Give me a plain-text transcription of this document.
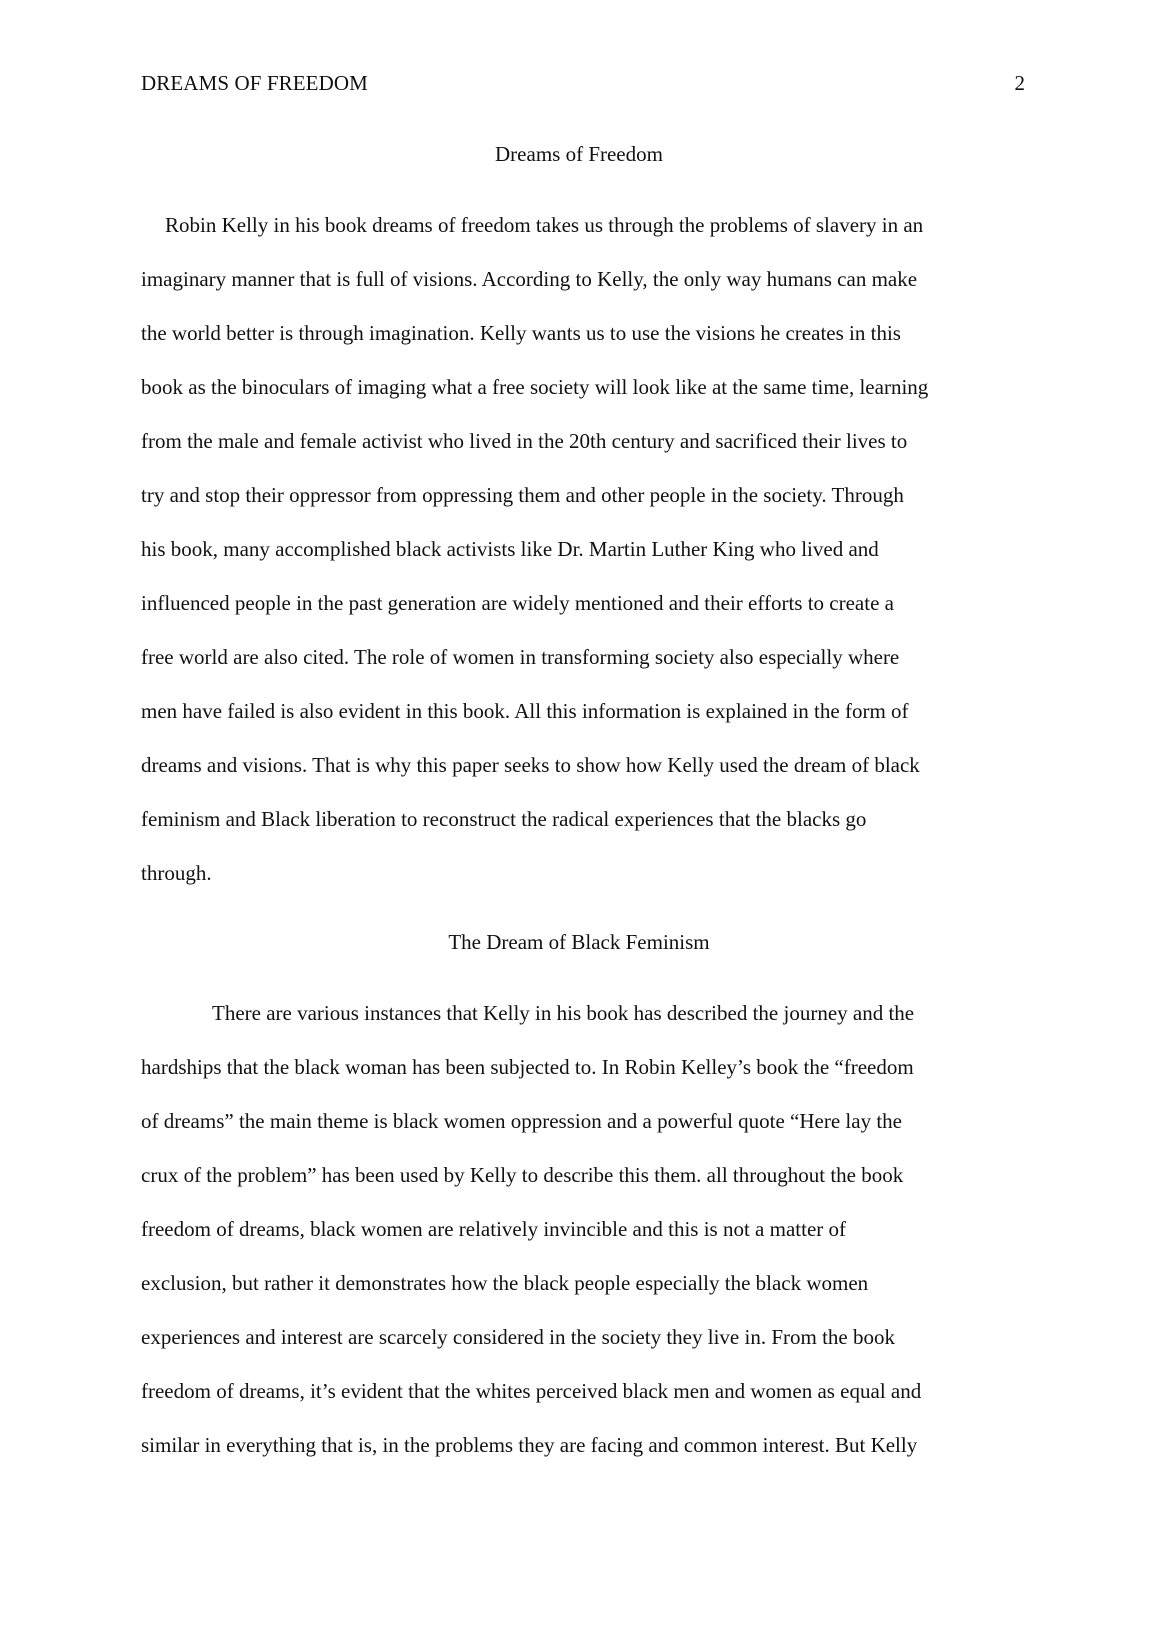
DREAMS OF FREEDOM	2
Dreams of Freedom
Robin Kelly in his book dreams of freedom takes us through the problems of slavery in an
imaginary manner that is full of visions. According to Kelly, the only way humans can make
the world better is through imagination. Kelly wants us to use the visions he creates in this
book as the binoculars of imaging what a free society will look like at the same time, learning
from the male and female activist who lived in the 20th century and sacrificed their lives to
try and stop their oppressor from oppressing them and other people in the society. Through
his book, many accomplished black activists like Dr. Martin Luther King who lived and
influenced people in the past generation are widely mentioned and their efforts to create a
free world are also cited. The role of women in transforming society also especially where
men have failed is also evident in this book. All this information is explained in the form of
dreams and visions. That is why this paper seeks to show how Kelly used the dream of black
feminism and Black liberation to reconstruct the radical experiences that the blacks go
through.
The Dream of Black Feminism
There are various instances that Kelly in his book has described the journey and the
hardships that the black woman has been subjected to. In Robin Kelley’s book the “freedom
of dreams” the main theme is black women oppression and a powerful quote “Here lay the
crux of the problem” has been used by Kelly to describe this them. all throughout the book
freedom of dreams, black women are relatively invincible and this is not a matter of
exclusion, but rather it demonstrates how the black people especially the black women
experiences and interest are scarcely considered in the society they live in. From the book
freedom of dreams, it’s evident that the whites perceived black men and women as equal and
similar in everything that is, in the problems they are facing and common interest. But Kelly
